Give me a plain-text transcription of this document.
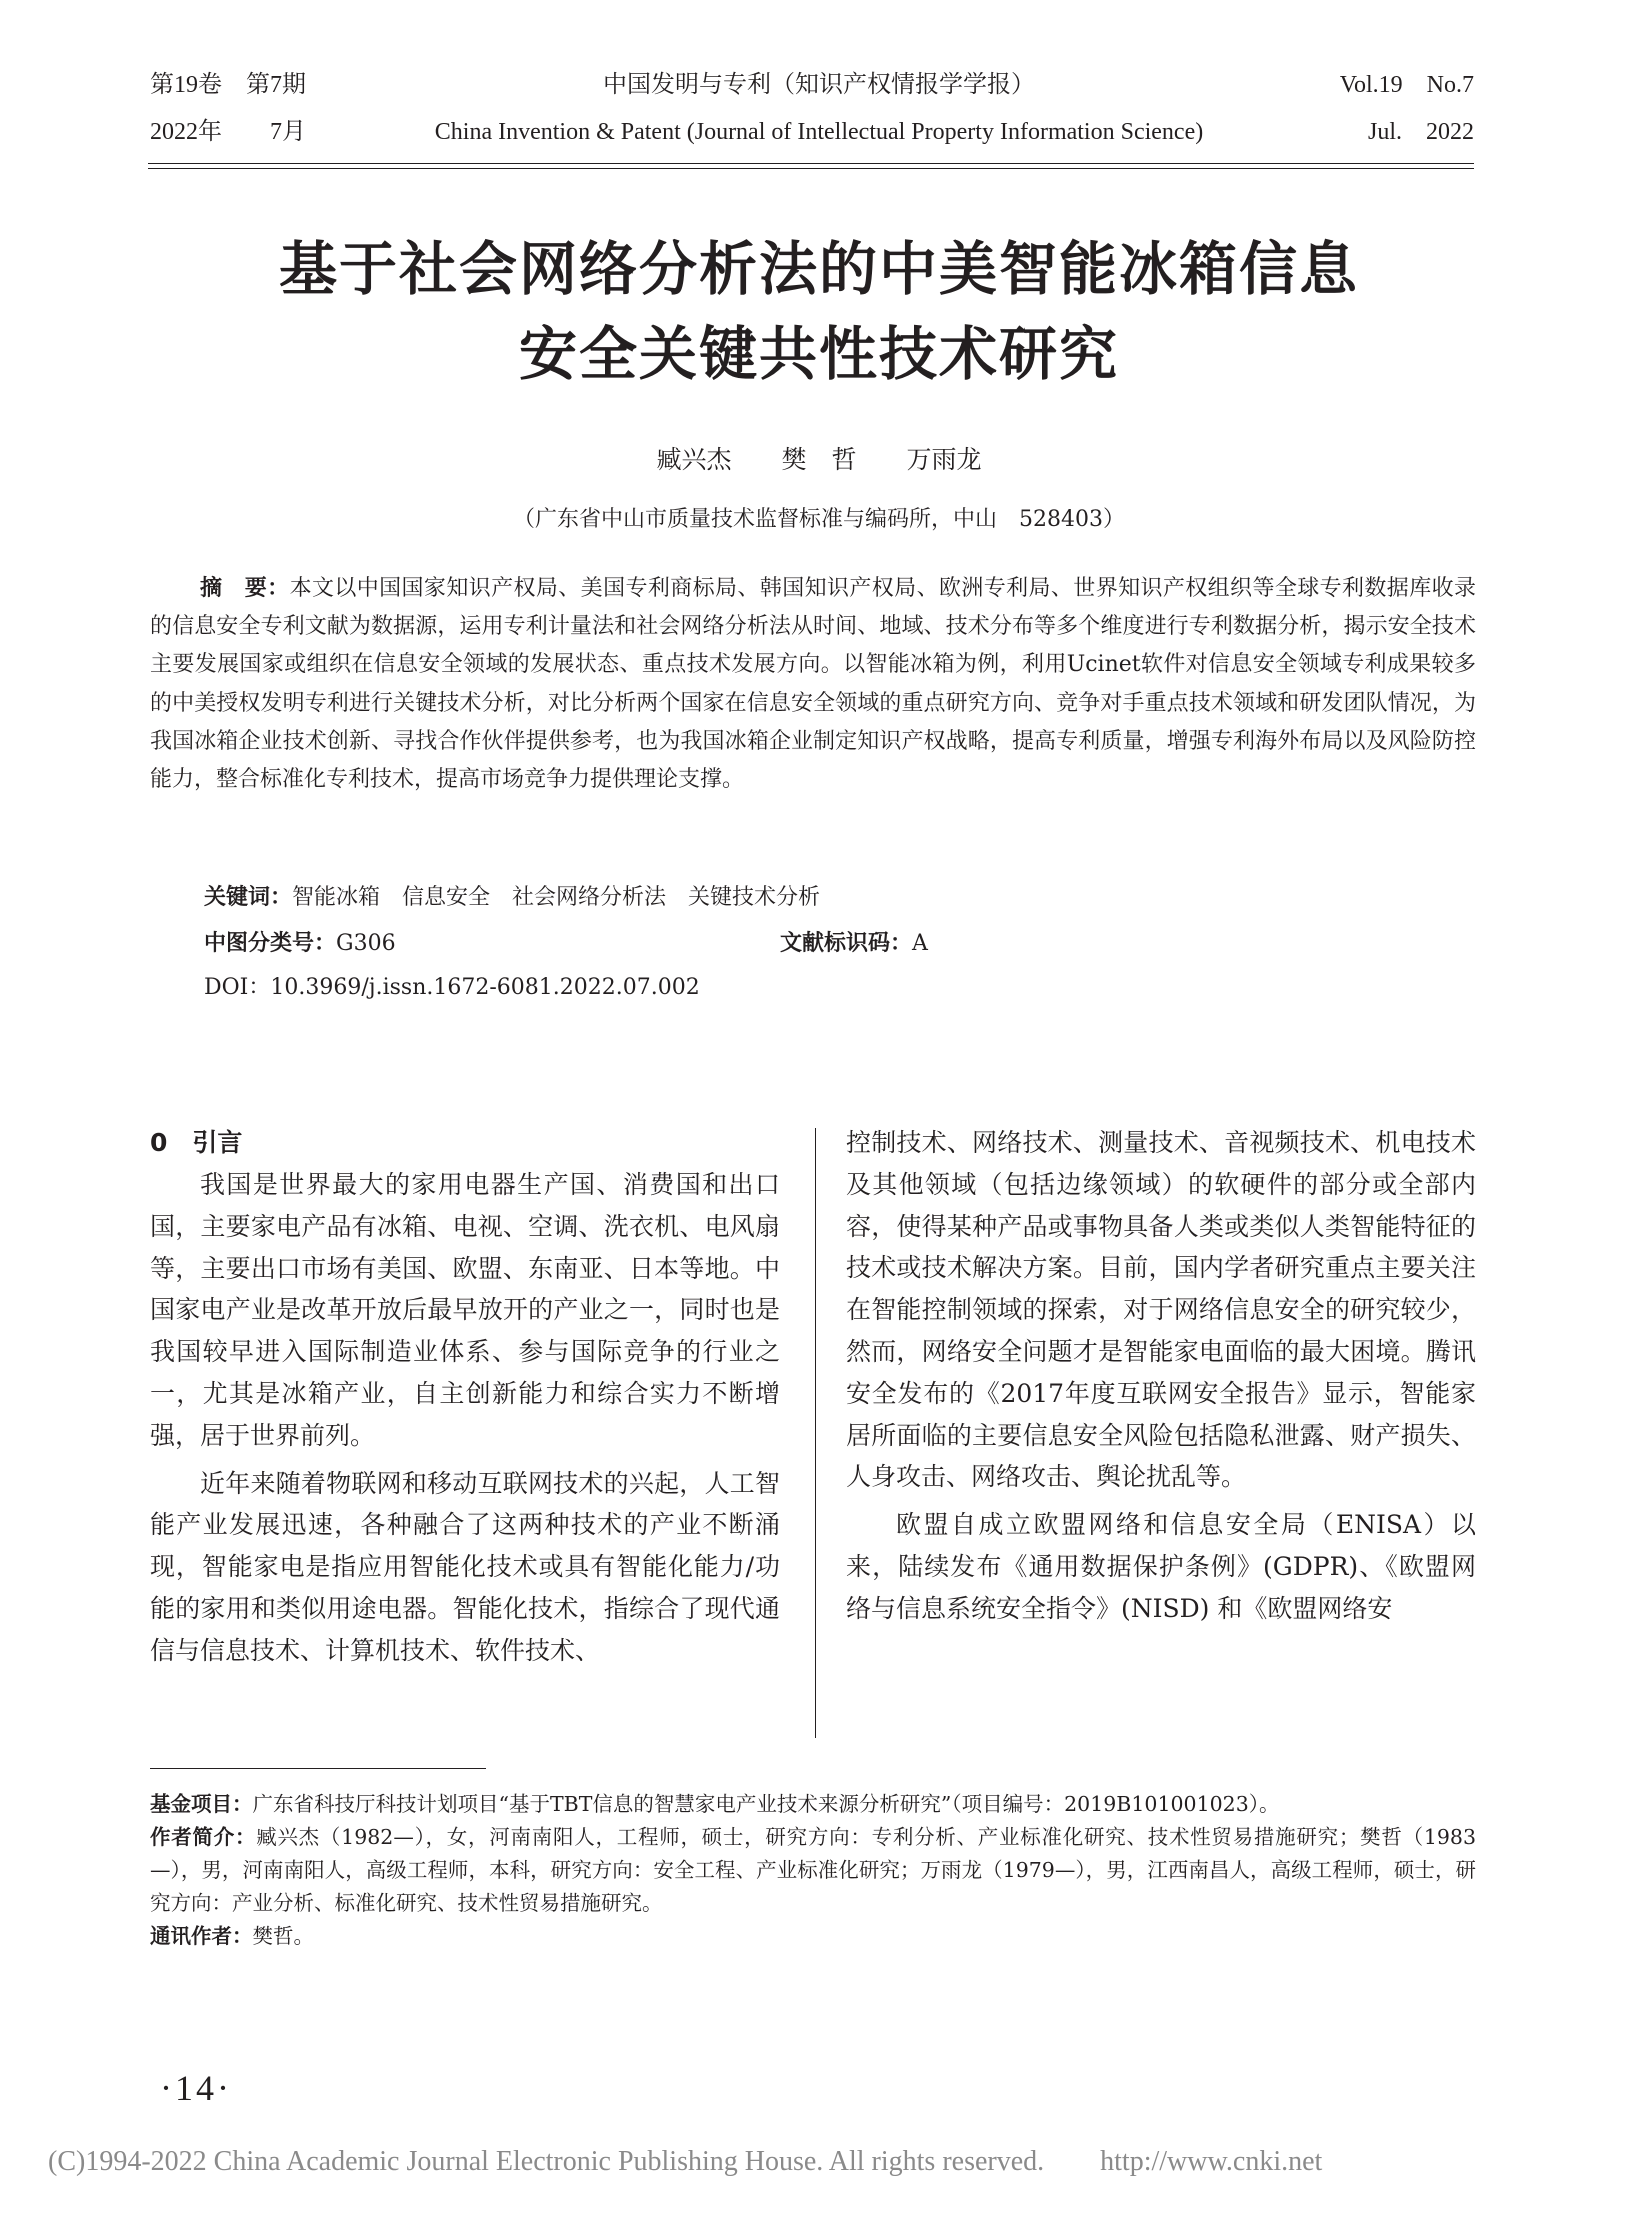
第19卷　第7期
2022年　　7月
中国发明与专利（知识产权情报学学报）
China Invention & Patent (Journal of Intellectual Property Information Science)
Vol.19　No.7
Jul.　2022
基于社会网络分析法的中美智能冰箱信息
安全关键共性技术研究
臧兴杰　　樊　哲　　万雨龙
（广东省中山市质量技术监督标准与编码所，中山　528403）

摘　要：本文以中国国家知识产权局、美国专利商标局、韩国知识产权局、欧洲专利局、世界知识产权组织等全球专利数据库收录的信息安全专利文献为数据源，运用专利计量法和社会网络分析法从时间、地域、技术分布等多个维度进行专利数据分析，揭示安全技术主要发展国家或组织在信息安全领域的发展状态、重点技术发展方向。以智能冰箱为例，利用Ucinet软件对信息安全领域专利成果较多的中美授权发明专利进行关键技术分析，对比分析两个国家在信息安全领域的重点研究方向、竞争对手重点技术领域和研发团队情况，为我国冰箱企业技术创新、寻找合作伙伴提供参考，也为我国冰箱企业制定知识产权战略，提高专利质量，增强专利海外布局以及风险防控能力，整合标准化专利技术，提高市场竞争力提供理论支撑。

关键词：智能冰箱　信息安全　社会网络分析法　关键技术分析
中图分类号：G306	文献标识码：A
DOI：10.3969/j.issn.1672-6081.2022.07.002
0　引言

我国是世界最大的家用电器生产国、消费国和出口国，主要家电产品有冰箱、电视、空调、洗衣机、电风扇等，主要出口市场有美国、欧盟、东南亚、日本等地。中国家电产业是改革开放后最早放开的产业之一，同时也是我国较早进入国际制造业体系、参与国际竞争的行业之一，尤其是冰箱产业，自主创新能力和综合实力不断增强，居于世界前列。

近年来随着物联网和移动互联网技术的兴起，人工智能产业发展迅速，各种融合了这两种技术的产业不断涌现，智能家电是指应用智能化技术或具有智能化能力/功能的家用和类似用途电器。智能化技术，指综合了现代通信与信息技术、计算机技术、软件技术、

控制技术、网络技术、测量技术、音视频技术、机电技术及其他领域（包括边缘领域）的软硬件的部分或全部内容，使得某种产品或事物具备人类或类似人类智能特征的技术或技术解决方案。目前，国内学者研究重点主要关注在智能控制领域的探索，对于网络信息安全的研究较少，然而，网络安全问题才是智能家电面临的最大困境。腾讯安全发布的《2017年度互联网安全报告》显示，智能家居所面临的主要信息安全风险包括隐私泄露、财产损失、人身攻击、网络攻击、舆论扰乱等。

欧盟自成立欧盟网络和信息安全局（ENISA）以来，陆续发布《通用数据保护条例》(GDPR)、《欧盟网络与信息系统安全指令》(NISD) 和《欧盟网络安

基金项目：广东省科技厅科技计划项目“基于TBT信息的智慧家电产业技术来源分析研究”（项目编号：2019B101001023）。

作者简介：臧兴杰（1982—），女，河南南阳人，工程师，硕士，研究方向：专利分析、产业标准化研究、技术性贸易措施研究；樊哲（1983—），男，河南南阳人，高级工程师，本科，研究方向：安全工程、产业标准化研究；万雨龙（1979—），男，江西南昌人，高级工程师，硕士，研究方向：产业分析、标准化研究、技术性贸易措施研究。

通讯作者：樊哲。

·14·
(C)1994-2022 China Academic Journal Electronic Publishing House. All rights reserved.　　http://www.cnki.net
